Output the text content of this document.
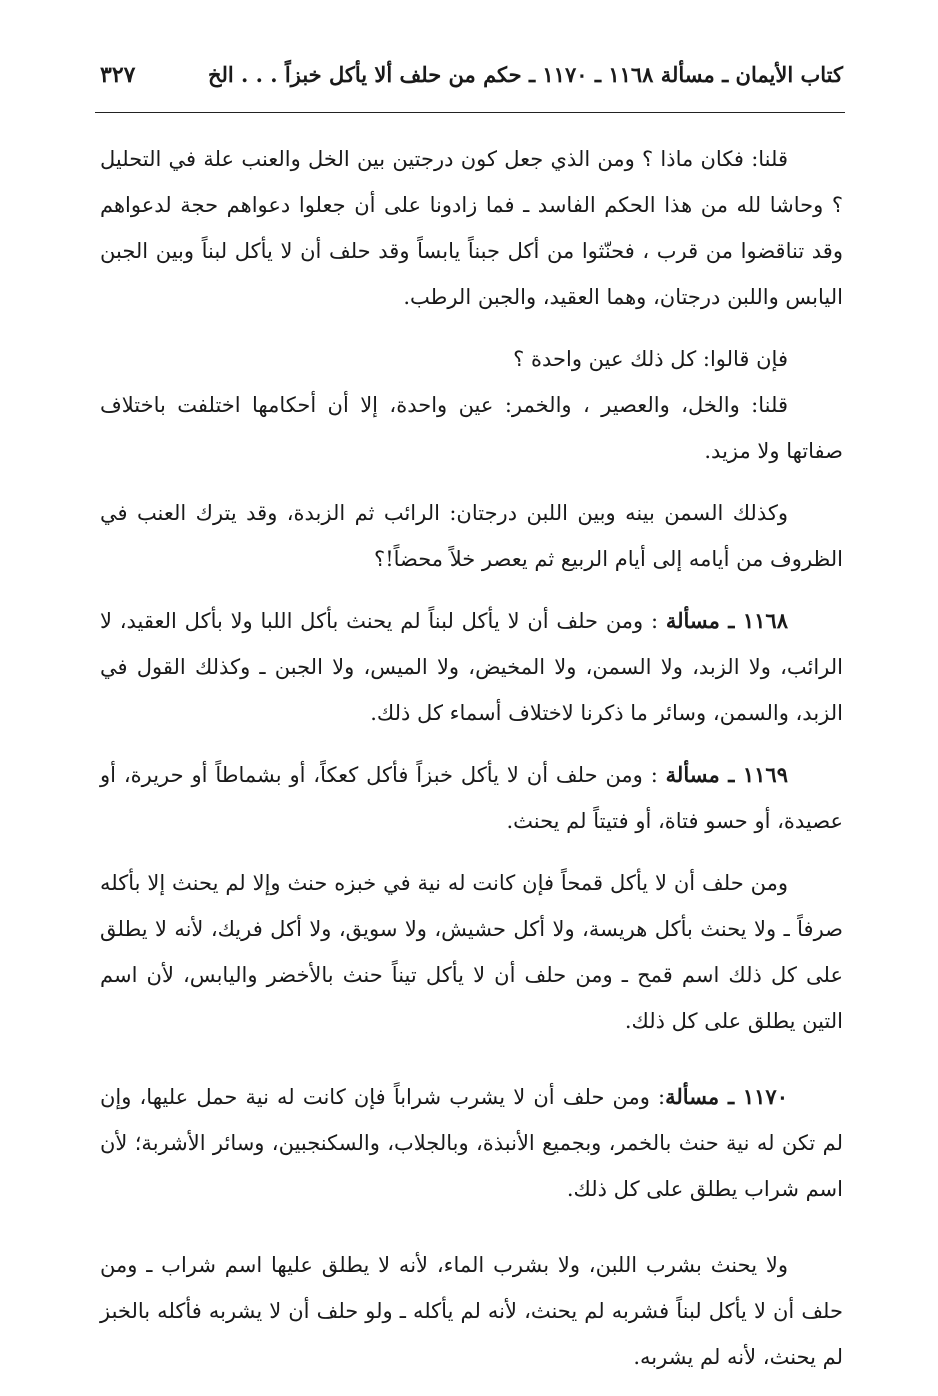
كتاب الأيمان ـ مسألة ١١٦٨ ـ ١١٧٠ ـ حكم من حلف ألا يأكل خبزاً . . . الخ
٣٢٧

قلنا: فكان ماذا ؟ ومن الذي جعل كون درجتين بين الخل والعنب علة في التحليل ؟ وحاشا لله من هذا الحكم الفاسد ـ فما زادونا على أن جعلوا دعواهم حجة لدعواهم وقد تناقضوا من قرب ، فحنّثوا من أكل جبناً يابساً وقد حلف أن لا يأكل لبناً وبين الجبن اليابس واللبن درجتان، وهما العقيد، والجبن الرطب.

فإن قالوا: كل ذلك عين واحدة ؟

قلنا: والخل، والعصير ، والخمر: عين واحدة، إلا أن أحكامها اختلفت باختلاف صفاتها ولا مزيد.

وكذلك السمن بينه وبين اللبن درجتان: الرائب ثم الزبدة، وقد يترك العنب في الظروف من أيامه إلى أيام الربيع ثم يعصر خلاً محضاً!؟

١١٦٨ ـ مسألة : ومن حلف أن لا يأكل لبناً لم يحنث بأكل اللبا ولا بأكل العقيد، لا الرائب، ولا الزبد، ولا السمن، ولا المخيض، ولا الميس، ولا الجبن ـ وكذلك القول في الزبد، والسمن، وسائر ما ذكرنا لاختلاف أسماء كل ذلك.

١١٦٩ ـ مسألة : ومن حلف أن لا يأكل خبزاً فأكل كعكاً، أو بشماطاً أو حريرة، أو عصيدة، أو حسو فتاة، أو فتيتاً لم يحنث.

ومن حلف أن لا يأكل قمحاً فإن كانت له نية في خبزه حنث وإلا لم يحنث إلا بأكله صرفاً ـ ولا يحنث بأكل هريسة، ولا أكل حشيش، ولا سويق، ولا أكل فريك، لأنه لا يطلق على كل ذلك اسم قمح ـ ومن حلف أن لا يأكل تيناً حنث بالأخضر واليابس، لأن اسم التين يطلق على كل ذلك.

١١٧٠ ـ مسألة: ومن حلف أن لا يشرب شراباً فإن كانت له نية حمل عليها، وإن لم تكن له نية حنث بالخمر، وبجميع الأنبذة، وبالجلاب، والسكنجبين، وسائر الأشربة؛ لأن اسم شراب يطلق على كل ذلك.

ولا يحنث بشرب اللبن، ولا بشرب الماء، لأنه لا يطلق عليها اسم شراب ـ ومن حلف أن لا يأكل لبناً فشربه لم يحنث، لأنه لم يأكله ـ ولو حلف أن لا يشربه فأكله بالخبز لم يحنث، لأنه لم يشربه.
